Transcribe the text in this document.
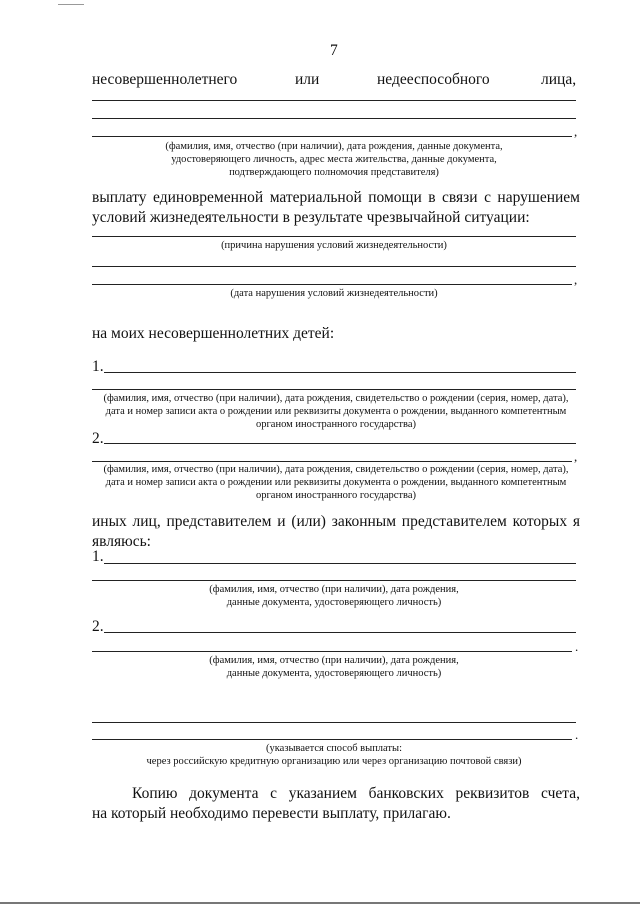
7
несовершеннолетнего	или	недееспособного	лица,
,
(фамилия, имя, отчество (при наличии), дата рождения, данные документа,
удостоверяющего личность, адрес места жительства, данные документа,
подтверждающего полномочия представителя)
выплату единовременной материальной помощи в связи с нарушением
условий жизнедеятельности в результате чрезвычайной ситуации:
(причина нарушения условий жизнедеятельности)
,
(дата нарушения условий жизнедеятельности)
на моих несовершеннолетних детей:
1.
(фамилия, имя, отчество (при наличии), дата рождения, свидетельство о рождении (серия, номер, дата),
дата и номер записи акта о рождении или реквизиты документа о рождении, выданного компетентным
органом иностранного государства)
2.
,
(фамилия, имя, отчество (при наличии), дата рождения, свидетельство о рождении (серия, номер, дата),
дата и номер записи акта о рождении или реквизиты документа о рождении, выданного компетентным
органом иностранного государства)
иных лиц, представителем и (или) законным представителем которых я
являюсь:
1.
(фамилия, имя, отчество (при наличии), дата рождения,
данные документа, удостоверяющего личность)
2.
.
(фамилия, имя, отчество (при наличии), дата рождения,
данные документа, удостоверяющего личность)
.
(указывается способ выплаты:
через российскую кредитную организацию или через организацию почтовой связи)
Копию документа с указанием банковских реквизитов счета,
на который необходимо перевести выплату, прилагаю.
